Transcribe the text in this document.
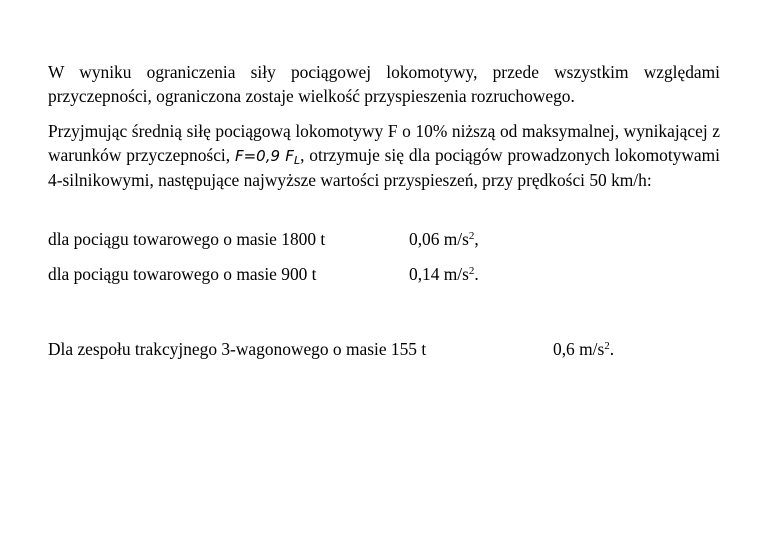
W wyniku ograniczenia siły pociągowej lokomotywy, przede wszystkim względami przyczepności, ograniczona zostaje wielkość przyspieszenia rozruchowego.

Przyjmując średnią siłę pociągową lokomotywy F o 10% niższą od maksymalnej, wynikającej z warunków przyczepności, F=0,9 $F_L$, otrzymuje się dla pociągów prowadzonych lokomotywami 4-silnikowymi, następujące najwyższe wartości przyspieszeń, przy prędkości 50 km/h:

dla pociągu towarowego o masie 1800 t	0,06 $m/s^2$,
dla pociągu towarowego o masie 900 t	0,14 $m/s^2$.
Dla zespołu trakcyjnego 3-wagonowego o masie 155 t	0,6 $m/s^2$.
